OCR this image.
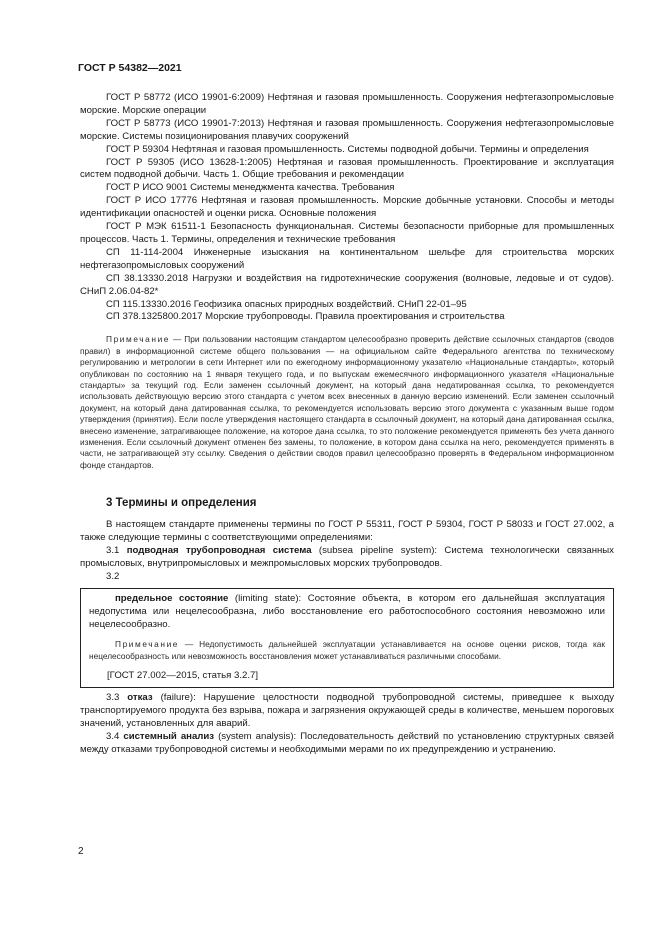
ГОСТ Р 54382—2021

ГОСТ Р 58772 (ИСО 19901-6:2009) Нефтяная и газовая промышленность. Сооружения нефтегазопромысловые морские. Морские операции

ГОСТ Р 58773 (ИСО 19901-7:2013) Нефтяная и газовая промышленность. Сооружения нефтегазопромысловые морские. Системы позиционирования плавучих сооружений

ГОСТ Р 59304 Нефтяная и газовая промышленность. Системы подводной добычи. Термины и определения

ГОСТ Р 59305 (ИСО 13628-1:2005) Нефтяная и газовая промышленность. Проектирование и эксплуатация систем подводной добычи. Часть 1. Общие требования и рекомендации

ГОСТ Р ИСО 9001 Системы менеджмента качества. Требования

ГОСТ Р ИСО 17776 Нефтяная и газовая промышленность. Морские добычные установки. Способы и методы идентификации опасностей и оценки риска. Основные положения

ГОСТ Р МЭК 61511-1 Безопасность функциональная. Системы безопасности приборные для промышленных процессов. Часть 1. Термины, определения и технические требования

СП 11-114-2004 Инженерные изыскания на континентальном шельфе для строительства морских нефтегазопромысловых сооружений

СП 38.13330.2018 Нагрузки и воздействия на гидротехнические сооружения (волновые, ледовые и от судов). СНиП 2.06.04-82*

СП 115.13330.2016 Геофизика опасных природных воздействий. СНиП 22-01–95

СП 378.1325800.2017 Морские трубопроводы. Правила проектирования и строительства

Примечание — При пользовании настоящим стандартом целесообразно проверить действие ссылочных стандартов (сводов правил) в информационной системе общего пользования — на официальном сайте Федерального агентства по техническому регулированию и метрологии в сети Интернет или по ежегодному информационному указателю «Национальные стандарты», который опубликован по состоянию на 1 января текущего года, и по выпускам ежемесячного информационного указателя «Национальные стандарты» за текущий год. Если заменен ссылочный документ, на который дана недатированная ссылка, то рекомендуется использовать действующую версию этого стандарта с учетом всех внесенных в данную версию изменений. Если заменен ссылочный документ, на который дана датированная ссылка, то рекомендуется использовать версию этого документа с указанным выше годом утверждения (принятия). Если после утверждения настоящего стандарта в ссылочный документ, на который дана датированная ссылка, внесено изменение, затрагивающее положение, на которое дана ссылка, то это положение рекомендуется применять без учета данного изменения. Если ссылочный документ отменен без замены, то положение, в котором дана ссылка на него, рекомендуется применять в части, не затрагивающей эту ссылку. Сведения о действии сводов правил целесообразно проверять в Федеральном информационном фонде стандартов.

3 Термины и определения

В настоящем стандарте применены термины по ГОСТ Р 55311, ГОСТ Р 59304, ГОСТ Р 58033 и ГОСТ 27.002, а также следующие термины с соответствующими определениями:

3.1 подводная трубопроводная система (subsea pipeline system): Система технологически связанных промысловых, внутрипромысловых и межпромысловых морских трубопроводов.

3.2

предельное состояние (limiting state): Состояние объекта, в котором его дальнейшая эксплуатация недопустима или нецелесообразна, либо восстановление его работоспособного состояния невозможно или нецелесообразно.

Примечание — Недопустимость дальнейшей эксплуатации устанавливается на основе оценки рисков, тогда как нецелесообразность или невозможность восстановления может устанавливаться различными способами.

[ГОСТ 27.002—2015, статья 3.2.7]

3.3 отказ (failure): Нарушение целостности подводной трубопроводной системы, приведшее к выходу транспортируемого продукта без взрыва, пожара и загрязнения окружающей среды в количестве, меньшем пороговых значений, установленных для аварий.

3.4 системный анализ (system analysis): Последовательность действий по установлению структурных связей между отказами трубопроводной системы и необходимыми мерами по их предупреждению и устранению.

2
